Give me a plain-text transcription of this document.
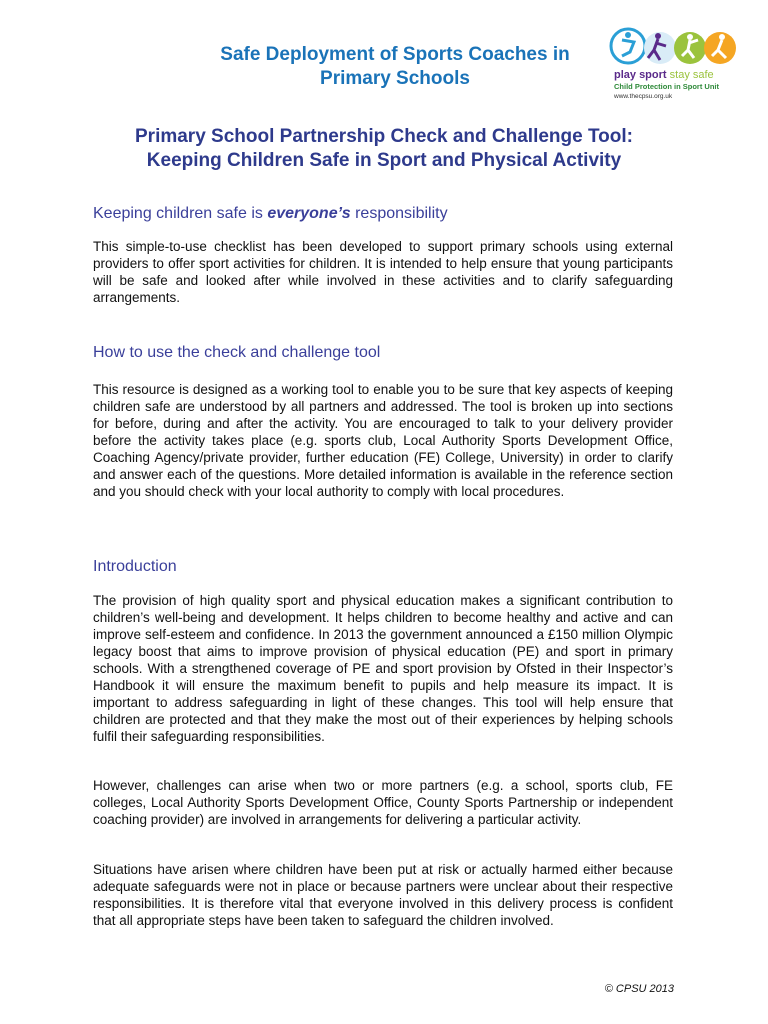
Safe Deployment of Sports Coaches in
Primary Schools	play sport stay safe
Child Protection in Sport Unit
www.thecpsu.org.uk
Primary School Partnership Check and Challenge Tool:
Keeping Children Safe in Sport and Physical Activity
Keeping children safe is everyone’s responsibility
This simple-to-use checklist has been developed to support primary schools using external providers to offer sport activities for children. It is intended to help ensure that young participants will be safe and looked after while involved in these activities and to clarify safeguarding arrangements.
How to use the check and challenge tool
This resource is designed as a working tool to enable you to be sure that key aspects of keeping children safe are understood by all partners and addressed. The tool is broken up into sections for before, during and after the activity. You are encouraged to talk to your delivery provider before the activity takes place (e.g. sports club, Local Authority Sports Development Office, Coaching Agency/private provider, further education (FE) College, University) in order to clarify and answer each of the questions. More detailed information is available in the reference section and you should check with your local authority to comply with local procedures.
Introduction
The provision of high quality sport and physical education makes a significant contribution to children’s well-being and development. It helps children to become healthy and active and can improve self-esteem and confidence. In 2013 the government announced a £150 million Olympic legacy boost that aims to improve provision of physical education (PE) and sport in primary schools. With a strengthened coverage of PE and sport provision by Ofsted in their Inspector’s Handbook it will ensure the maximum benefit to pupils and help measure its impact. It is important to address safeguarding in light of these changes. This tool will help ensure that children are protected and that they make the most out of their experiences by helping schools fulfil their safeguarding responsibilities.
However, challenges can arise when two or more partners (e.g. a school, sports club, FE colleges, Local Authority Sports Development Office, County Sports Partnership or independent coaching provider) are involved in arrangements for delivering a particular activity.
Situations have arisen where children have been put at risk or actually harmed either because adequate safeguards were not in place or because partners were unclear about their respective responsibilities. It is therefore vital that everyone involved in this delivery process is confident that all appropriate steps have been taken to safeguard the children involved.
© CPSU 2013
